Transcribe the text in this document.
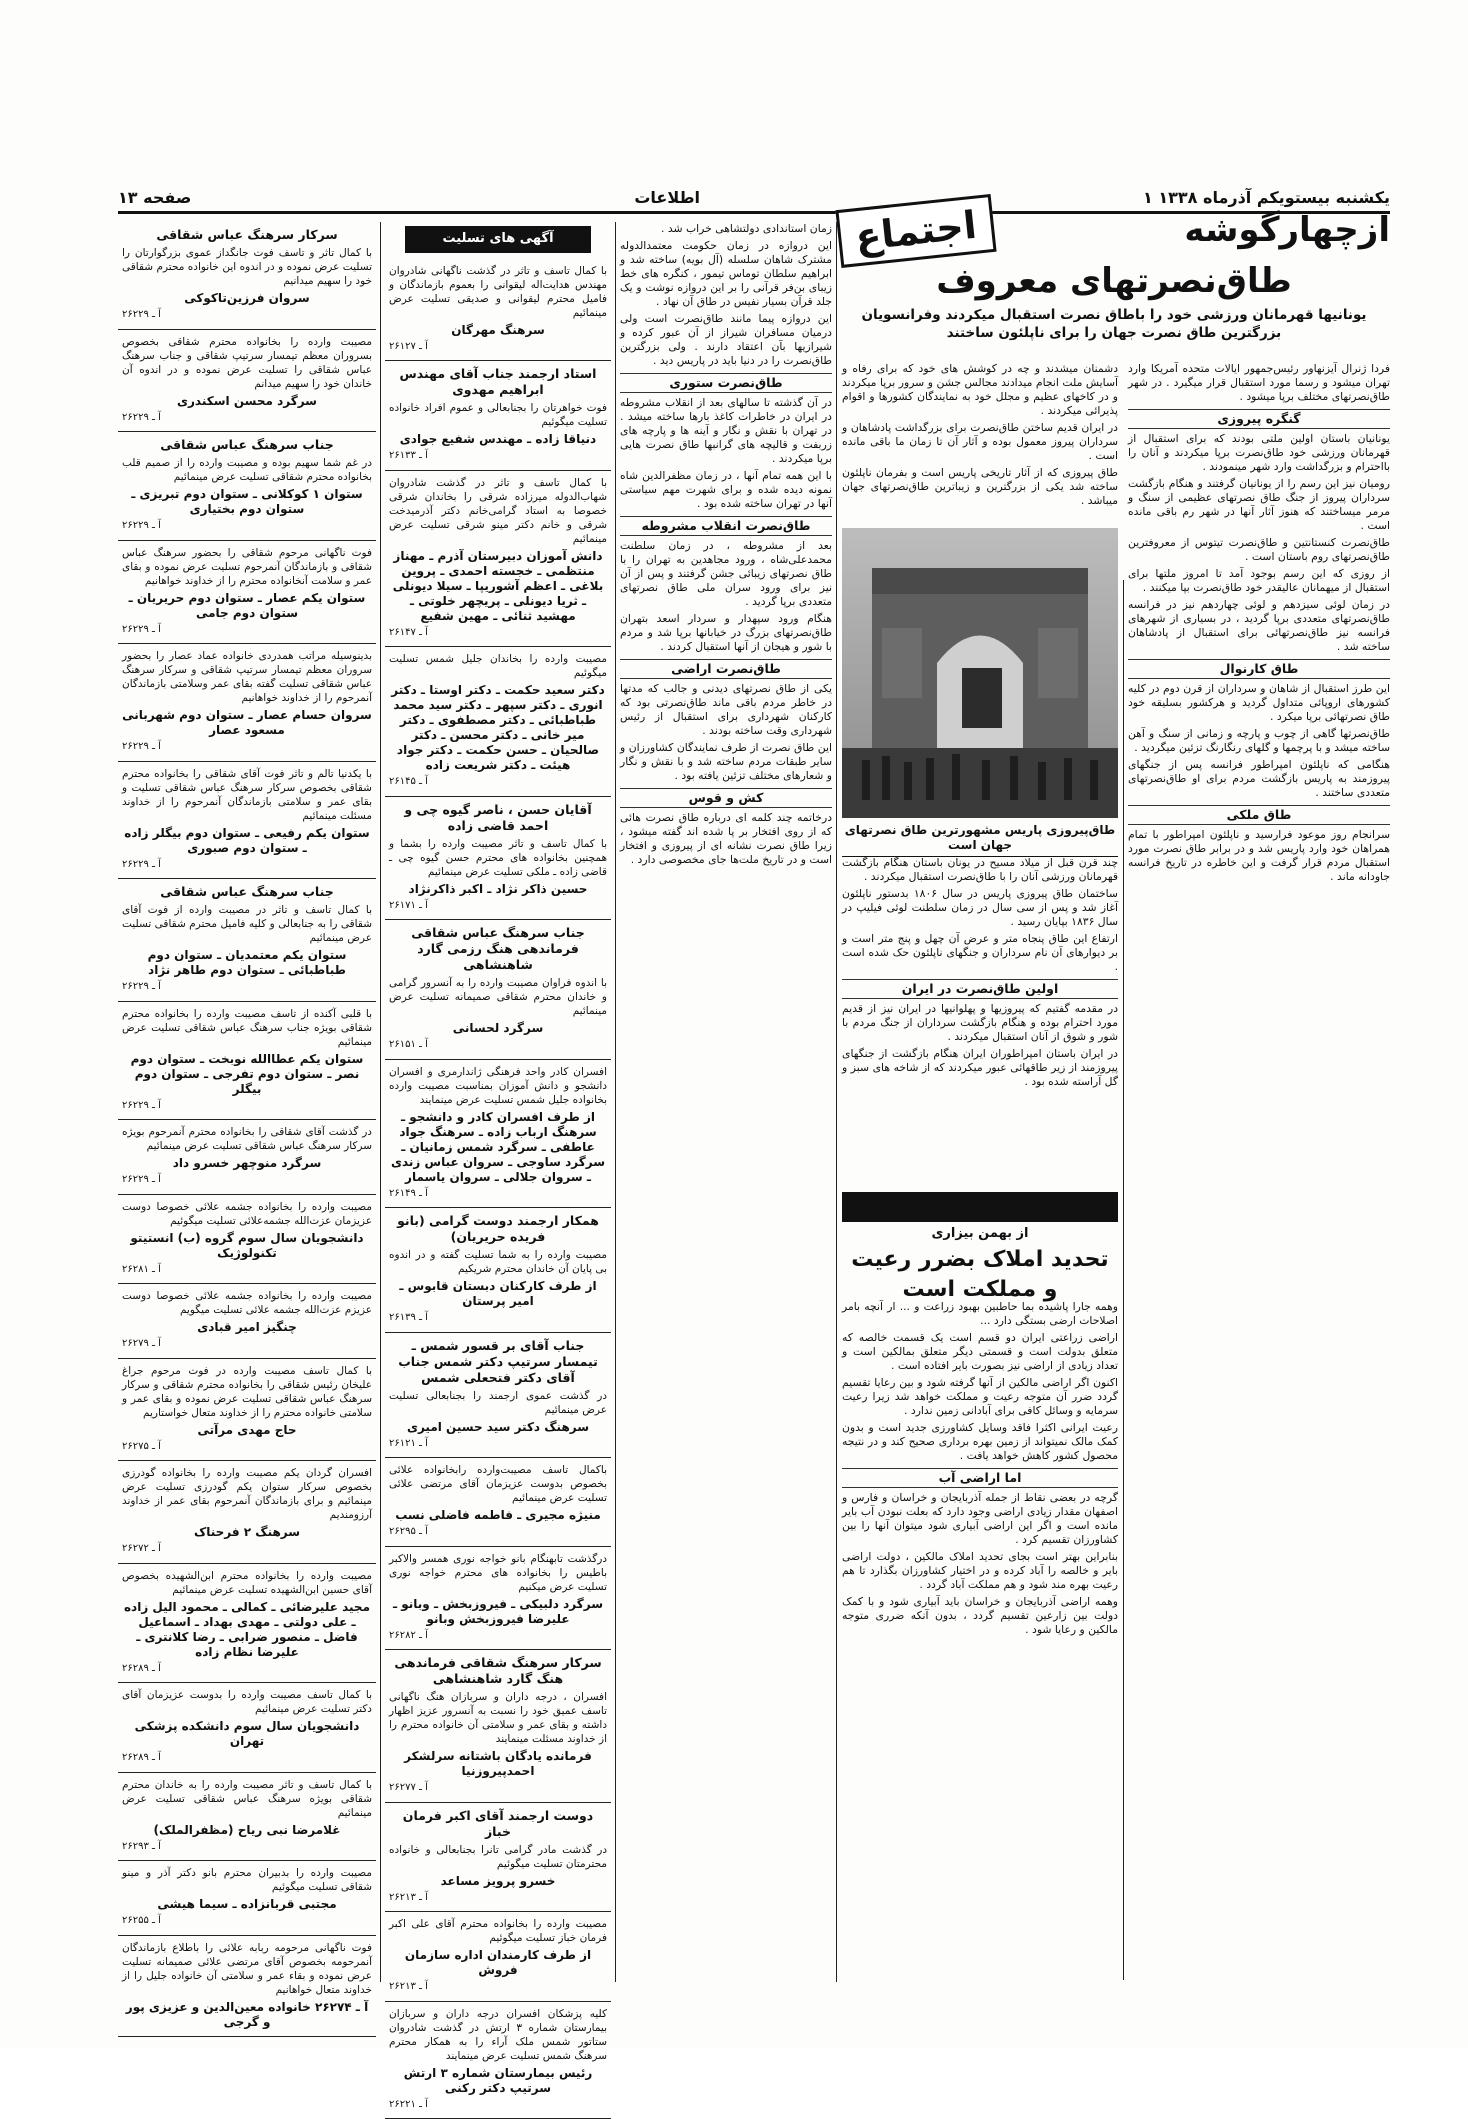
یکشنبه بیستویکم آذرماه ۱۳۳۸ ۱
اطلاعات
صفحه ۱۳
سرکار سرهنگ عباس شقاقی

با کمال تاثر و تاسف فوت جانگداز عموی بزرگوارتان را تسلیت عرض نموده و در اندوه این خانواده محترم شقاقی خود را سهیم میدانیم

سروان فرزین‌تاکوکی
آ ـ ۲۶۲۲۹

مصیبت وارده را بخانواده محترم شقاقی بخصوص بسروران معظم تیمسار سرتیپ شقاقی و جناب سرهنگ عباس شقاقی را تسلیت عرض نموده و در اندوه آن خاندان خود را سهیم میدانم

سرگرد محسن اسکندری
آ ـ ۲۶۲۲۹
جناب سرهنگ عباس شقاقی

در غم شما سهیم بوده و مصیبت وارده را از صمیم قلب بخانواده محترم شقاقی تسلیت عرض مینمائیم

ستوان ۱ کوکلانی ـ ستوان دوم تبریزی ـ ستوان دوم بختیاری
آ ـ ۲۶۲۲۹

فوت ناگهانی مرحوم شقاقی را بحضور سرهنگ عباس شقاقی و بازماندگان آنمرحوم تسلیت عرض نموده و بقای عمر و سلامت آنخانواده محترم را از خداوند خواهانیم

ستوان یکم عصار ـ ستوان دوم حریریان ـ ستوان دوم جامی
آ ـ ۲۶۲۲۹

بدینوسیله مراتب همدردی خانواده عماد عصار را بحضور سروران معظم تیمسار سرتیپ شقاقی و سرکار سرهنگ عباس شقاقی تسلیت گفته بقای عمر وسلامتی بازماندگان آنمرحوم را از خداوند خواهانیم

سروان حسام عصار ـ ستوان دوم شهربانی مسعود عصار
آ ـ ۲۶۲۲۹

با یکدنیا تالم و تاثر فوت آقای شقاقی را بخانواده محترم شقاقی بخصوص سرکار سرهنگ عباس شقاقی تسلیت و بقای عمر و سلامتی بازماندگان آنمرحوم را از خداوند مسئلت مینمائیم

ستوان یکم رفیعی ـ ستوان دوم بیگلر زاده ـ ستوان دوم صبوری
آ ـ ۲۶۲۲۹
جناب سرهنگ عباس شقاقی

با کمال تاسف و تاثر در مصیبت وارده از فوت آقای شقاقی را به جنابعالی و کلیه فامیل محترم شقاقی تسلیت عرض مینمائیم

ستوان یکم معتمدیان ـ ستوان دوم طباطبائی ـ ستوان دوم طاهر نژاد
آ ـ ۲۶۲۲۹

با قلبی آکنده از تاسف مصیبت وارده را بخانواده محترم شقاقی بویژه جناب سرهنگ عباس شقاقی تسلیت عرض مینمائیم

ستوان یکم عطاالله نوبخت ـ ستوان دوم نصر ـ ستوان دوم تفرجی ـ ستوان دوم بیگلر
آ ـ ۲۶۲۲۹

در گذشت آقای شقاقی را بخانواده محترم آنمرحوم بویژه سرکار سرهنگ عباس شقاقی تسلیت عرض مینمائیم

سرگرد منوچهر خسرو داد
آ ـ ۲۶۲۲۹

مصیبت وارده را بخانواده جشمه علائی خصوصا دوست عزیزمان عزت‌الله جشمه‌علائی تسلیت میگوئیم

دانشجویان سال سوم گروه (ب) انستیتو تکنولوژیک
آ ـ ۲۶۲۸۱

مصیبت وارده را بخانواده جشمه علائی خصوصا دوست عزیزم عزت‌الله جشمه علائی تسلیت میگویم

چنگیز امیر قبادی
آ ـ ۲۶۲۷۹

با کمال تاسف مصیبت وارده در فوت مرحوم جراغ علیخان رئیس شقاقی را بخانواده محترم شقاقی و سرکار سرهنگ عباس شقاقی تسلیت عرض نموده و بقای عمر و سلامتی خانواده محترم را از خداوند متعال خواستاریم

حاج مهدی مرآتی
آ ـ ۲۶۲۷۵

افسران گردان یکم مصیبت وارده را بخانواده گودرزی بخصوص سرکار ستوان یکم گودرزی تسلیت عرض مینمائیم و برای بازماندگان آنمرحوم بقای عمر از خداوند آرزومندیم

سرهنگ ۲ فرحناک
آ ـ ۲۶۲۷۲

مصیبت وارده را بخانواده محترم ابن‌الشهیده بخصوص آقای حسین ابن‌الشهیده تسلیت عرض مینمائیم

مجید علیرضائی ـ کمالی ـ محمود الیل زاده ـ علی دولتی ـ مهدی بهداد ـ اسماعیل فاضل ـ منصور ضرابی ـ رضا کلانتری ـ علیرضا نظام زاده
آ ـ ۲۶۲۸۹

با کمال تاسف مصیبت وارده را بدوست عزیزمان آقای دکتر تسلیت عرض مینمائیم

دانشجویان سال سوم دانشکده پزشکی تهران
آ ـ ۲۶۲۸۹

با کمال تاسف و تاثر مصیبت وارده را به خاندان محترم شقاقی بویژه سرهنگ عباس شقاقی تسلیت عرض مینمائیم

غلامرضا نبی ریاح (مظفرالملک)
آ ـ ۲۶۲۹۳

مصیبت وارده را بدبیران محترم بانو دکتر آذر و مینو شقاقی تسلیت میگوئیم

مجتبی قربانزاده ـ سیما هیشی
آ ـ ۲۶۲۵۵

فوت ناگهانی مرحومه ربابه علائی را باطلاع بازماندگان آنمرحومه بخصوص آقای مرتضی علائی صمیمانه تسلیت عرض نموده و بقاء عمر و سلامتی آن خانواده جلیل را از خداوند متعال خواهانیم

آ ـ ۲۶۲۷۴ خانواده معین‌الدین و عزیزی پور و گرجی
آگهی های تسلیت

با کمال تاسف و تاثر در گذشت ناگهانی شادروان مهندس هدایت‌اله لیقوانی را بعموم بازماندگان و فامیل محترم لیقوانی و صدیقی تسلیت عرض مینمائیم

سرهنگ مهرگان
آ ـ ۲۶۱۲۷
استاد ارجمند جناب آقای مهندس ابراهیم مهدوی

فوت خواهرتان را بجنابعالی و عموم افراد خانواده تسلیت میگوئیم

دنیاقا زاده ـ مهندس شفیع جوادی
آ ـ ۲۶۱۳۳

با کمال تاسف و تاثر در گذشت شادروان شهاب‌الدوله میرزاده شرقی را بخاندان شرقی خصوصا به استاد گرامی‌خانم دکتر آذرمیدخت شرقی و خانم دکتر مینو شرقی تسلیت عرض مینمائیم

دانش آموزان دبیرستان آذرم ـ مهناز منتظمی ـ خجسته احمدی ـ پروین بلاغی ـ اعظم آشوریپا ـ سیلا دیونلی ـ ثریا دیونلی ـ پریچهر خلوتی ـ مهشید ثنائی ـ مهین شفیع
آ ـ ۲۶۱۴۷

مصیبت وارده را بخاندان جلیل شمس تسلیت میگوئیم

دکتر سعید حکمت ـ دکتر اوستا ـ دکتر انوری ـ دکتر سپهر ـ دکتر سید محمد طباطبائی ـ دکتر مصطفوی ـ دکتر میر خانی ـ دکتر محسن ـ دکتر صالحیان ـ حسن حکمت ـ دکتر جواد هیئت ـ دکتر شریعت زاده
آ ـ ۲۶۱۴۵
آقایان حسن ، ناصر گیوه چی و احمد قاضی زاده

با کمال تاسف و تاثر مصیبت وارده را بشما و همچنین بخانواده های محترم حسن گیوه چی ـ قاضی زاده ـ ملکی تسلیت عرض مینمائیم

حسین ذاکر نژاد ـ اکبر ذاکرنژاد
آ ـ ۲۶۱۷۱
جناب سرهنگ عباس شقاقی فرماندهی هنگ رزمی گارد شاهنشاهی

با اندوه فراوان مصیبت وارده را به آنسرور گرامی و خاندان محترم شقاقی صمیمانه تسلیت عرض مینمائیم

سرگرد لحسانی
آ ـ ۲۶۱۵۱

افسران کادر واحد فرهنگی ژاندارمری و افسران دانشجو و دانش آموزان بمناسبت مصیبت وارده بخانواده جلیل شمس تسلیت عرض مینمایند

از طرف افسران کادر و دانشجو ـ سرهنگ ارباب زاده ـ سرهنگ جواد عاطفی ـ سرگرد شمس زمانیان ـ سرگرد ساوجی ـ سروان عباس زندی ـ سروان جلالی ـ سروان یاسمار
آ ـ ۲۶۱۴۹
همکار ارجمند دوست گرامی (بانو فریده حریریان)

مصیبت وارده را به شما تسلیت گفته و در اندوه بی پایان آن خاندان محترم شریکیم

از طرف کارکنان دبستان قابوس ـ امیر پرستان
آ ـ ۲۶۱۳۹
جناب آقای بر قسور شمس ـ تیمسار سرتیپ دکتر شمس جناب آقای دکتر فتحعلی شمس

در گذشت عموی ارجمند را بجنابعالی تسلیت عرض مینمائیم

سرهنگ دکتر سید حسین امیری
آ ـ ۲۶۱۲۱

باکمال تاسف مصیبت‌وارده رابخانواده علائی بخصوص بدوست عزیزمان آقای مرتضی علائی تسلیت عرض مینمائیم

منیژه مجیری ـ فاطمه فاضلی نسب
آ ـ ۲۶۲۹۵

درگذشت تابهنگام بانو خواجه نوری همسر والاکبر باطیس را بخانواده های محترم خواجه نوری تسلیت عرض میکنیم

سرگرد دلبیکی ـ فیروزبخش ـ وبانو ـ علیرضا فیروزبخش وبانو
آ ـ ۲۶۲۸۲
سرکار سرهنگ شقاقی فرماندهی هنگ گارد شاهنشاهی

افسران ، درجه داران و سربازان هنگ ناگهانی تاسف عمیق خود را نسبت به آنسرور عزیز اظهار داشته و بقای عمر و سلامتی آن خانواده محترم را از خداوند مسئلت مینمایند

فرمانده یادگان باشتانه سرلشکر احمدپیروزنیا
آ ـ ۲۶۲۷۷
دوست ارجمند آقای اکبر فرمان خباز

در گذشت مادر گرامی تانرا بجنابعالی و خانواده محترمتان تسلیت میگوئیم

خسرو پرویز مساعد
آ ـ ۲۶۲۱۳

مصیبت وارده را بخانواده محترم آقای علی اکبر فرمان خباز تسلیت میگوئیم

از طرف کارمندان اداره سازمان فروش
آ ـ ۲۶۲۱۳

کلیه پزشکان افسران درجه داران و سربازان بیمارستان شماره ۳ ارتش در گذشت شادروان ستاتور شمس ملک آراء را به همکار محترم سرهنگ شمس تسلیت عرض مینمایند

رئیس بیمارستان شماره ۳ ارتش سرتیپ دکتر رکنی
آ ـ ۲۶۲۲۱

زمان استاندادی دولتشاهی خراب شد .

این دروازه در زمان حکومت معتمدالدوله مشترک شاهان سلسله (آل بویه) ساخته شد و ابراهیم سلطان توماس تیمور ، کنگره های خط زیبای بن‌فر قرآنی را بر این دروازه نوشت و یک جلد قرآن بسیار نفیس در طاق آن نهاد .

این دروازه پیما مانند طاق‌نصرت است ولی درمیان مسافران شیراز از آن عبور کرده و شیرازیها بآن اعتقاد دارند . ولی بزرگترین طاق‌نصرت را در دنیا باید در پاریس دید .

طاق‌نصرت ستوری

در آن گذشته تا سالهای بعد از انقلاب مشروطه در ایران در خاطرات کاغذ بارها ساخته میشد . در تهران با نقش و نگار و آینه ها و پارچه های زربفت و قالیچه های گرانبها طاق نصرت هایی برپا میکردند .

با این همه تمام آنها ، در زمان مظفرالدین شاه نمونه دیده شده و برای شهرت مهم سیاستی آنها در تهران ساخته شده بود .

طاق‌نصرت انقلاب مشروطه

بعد از مشروطه ، در زمان سلطنت محمدعلی‌شاه ، ورود مجاهدین به تهران را با طاق نصرتهای زیبائی جشن گرفتند و پس از آن نیز برای ورود سران ملی طاق نصرتهای متعددی برپا گردید .

هنگام ورود سپهدار و سردار اسعد بتهران طاق‌نصرتهای بزرگ در خیابانها برپا شد و مردم با شور و هیجان از آنها استقبال کردند .

طاق‌نصرت اراضی

یکی از طاق نصرتهای دیدنی و جالب که مدتها در خاطر مردم باقی ماند طاق‌نصرتی بود که کارکنان شهرداری برای استقبال از رئیس شهرداری وقت ساخته بودند .

این طاق نصرت از طرف نمایندگان کشاورزان و سایر طبقات مردم ساخته شد و با نقش و نگار و شعارهای مختلف تزئین یافته بود .

کش و قوس

درخاتمه چند کلمه ای درباره طاق نصرت هائی که از روی افتخار بر پا شده اند گفته میشود ، زیرا طاق نصرت نشانه ای از پیروزی و افتخار است و در تاریخ ملت‌ها جای مخصوصی دارد .

ازچهارگوشه
اجتماع
طاق‌نصرتهای معروف
یونانیها قهرمانان ورزشی خود را باطاق نصرت استقبال میکردند وفرانسویان بزرگترین طاق نصرت جهان را برای ناپلئون ساختند

فردا ژنرال آیزنهاور رئیس‌جمهور ایالات متحده آمریکا وارد تهران میشود و رسما مورد استقبال قرار میگیرد . در شهر طاق‌نصرتهای مختلف برپا میشود .

گنگره پیروزی

یونانیان باستان اولین ملتی بودند که برای استقبال از قهرمانان ورزشی خود طاق‌نصرت برپا میکردند و آنان را بااحترام و بزرگداشت وارد شهر مینمودند .

رومیان نیز این رسم را از یونانیان گرفتند و هنگام بازگشت سرداران پیروز از جنگ طاق نصرتهای عظیمی از سنگ و مرمر میساختند که هنوز آثار آنها در شهر رم باقی مانده است .

طاق‌نصرت کنستانتین و طاق‌نصرت تیتوس از معروفترین طاق‌نصرتهای روم باستان است .

از روزی که این رسم بوجود آمد تا امروز ملتها برای استقبال از میهمانان عالیقدر خود طاق‌نصرت بپا میکنند .

در زمان لوئی سیزدهم و لوئی چهاردهم نیز در فرانسه طاق‌نصرتهای متعددی برپا گردید ، در بسیاری از شهرهای فرانسه نیز طاق‌نصرتهائی برای استقبال از پادشاهان ساخته شد .

طاق کارنوال

این طرز استقبال از شاهان و سرداران از قرن دوم در کلیه کشورهای اروپائی متداول گردید و هرکشور بسلیقه خود طاق نصرتهائی برپا میکرد .

طاق‌نصرتها گاهی از چوب و پارچه و زمانی از سنگ و آهن ساخته میشد و با پرچمها و گلهای رنگارنگ تزئین میگردید .

هنگامی که ناپلئون امپراطور فرانسه پس از جنگهای پیروزمند به پاریس بازگشت مردم برای او طاق‌نصرتهای متعددی ساختند .

طاق ملکی

سرانجام روز موعود فرارسید و ناپلئون امپراطور با تمام همراهان خود وارد پاریس شد و در برابر طاق نصرت مورد استقبال مردم قرار گرفت و این خاطره در تاریخ فرانسه جاودانه ماند .

دشمنان میشدند و چه در کوشش های خود که برای رفاه و آسایش ملت انجام میدادند مجالس جشن و سرور برپا میکردند و در کاخهای عظیم و مجلل خود به نمایندگان کشورها و اقوام پذیرائی میکردند .

در ایران قدیم ساختن طاق‌نصرت برای بزرگداشت پادشاهان و سرداران پیروز معمول بوده و آثار آن تا زمان ما باقی مانده است .

طاق پیروزی که از آثار تاریخی پاریس است و بفرمان ناپلئون ساخته شد یکی از بزرگترین و زیباترین طاق‌نصرتهای جهان میباشد .

طاق‌پیروزی پاریس مشهورترین طاق نصرتهای جهان است

چند قرن قبل از میلاد مسیح در یونان باستان هنگام بازگشت قهرمانان ورزشی آنان را با طاق‌نصرت استقبال میکردند .

ساختمان طاق پیروزی پاریس در سال ۱۸۰۶ بدستور ناپلئون آغاز شد و پس از سی سال در زمان سلطنت لوئی فیلیپ در سال ۱۸۳۶ بپایان رسید .

ارتفاع این طاق پنجاه متر و عرض آن چهل و پنج متر است و بر دیوارهای آن نام سرداران و جنگهای ناپلئون حک شده است .

اولین طاق‌نصرت در ایران

در مقدمه گفتیم که پیروزیها و پهلوانیها در ایران نیز از قدیم مورد احترام بوده و هنگام بازگشت سرداران از جنگ مردم با شور و شوق از آنان استقبال میکردند .

در ایران باستان امپراطوران ایران هنگام بازگشت از جنگهای پیروزمند از زیر طاقهائی عبور میکردند که از شاخه های سبز و گل آراسته شده بود .

از بهمن بیزاری
تحدید املاک بضرر رعیت و مملکت است

وهمه جارا پاشیده بما حاطبین بهبود زراعت و ... ار آنچه بامر اصلاحات ارضی بستگی دارد ...

اراضی زراعتی ایران دو قسم است یک قسمت خالصه که متعلق بدولت است و قسمتی دیگر متعلق بمالکین است و تعداد زیادی از اراضی نیز بصورت بایر افتاده است .

اکنون اگر اراضی مالکین از آنها گرفته شود و بین رعایا تقسیم گردد ضرر آن متوجه رعیت و مملکت خواهد شد زیرا رعیت سرمایه و وسائل کافی برای آبادانی زمین ندارد .

رعیت ایرانی اکثرا فاقد وسایل کشاورزی جدید است و بدون کمک مالک نمیتواند از زمین بهره برداری صحیح کند و در نتیجه محصول کشور کاهش خواهد یافت .

اما اراضی آب

گرچه در بعضی نقاط از جمله آذربایجان و خراسان و فارس و اصفهان مقدار زیادی اراضی وجود دارد که بعلت نبودن آب بایر مانده است و اگر این اراضی آبیاری شود میتوان آنها را بین کشاورزان تقسیم کرد .

بنابراین بهتر است بجای تحدید املاک مالکین ، دولت اراضی بایر و خالصه را آباد کرده و در اختیار کشاورزان بگذارد تا هم رعیت بهره مند شود و هم مملکت آباد گردد .

وهمه اراضی آذربایجان و خراسان باید آبیاری شود و با کمک دولت بین زارعین تقسیم گردد ، بدون آنکه ضرری متوجه مالکین و رعایا شود .
